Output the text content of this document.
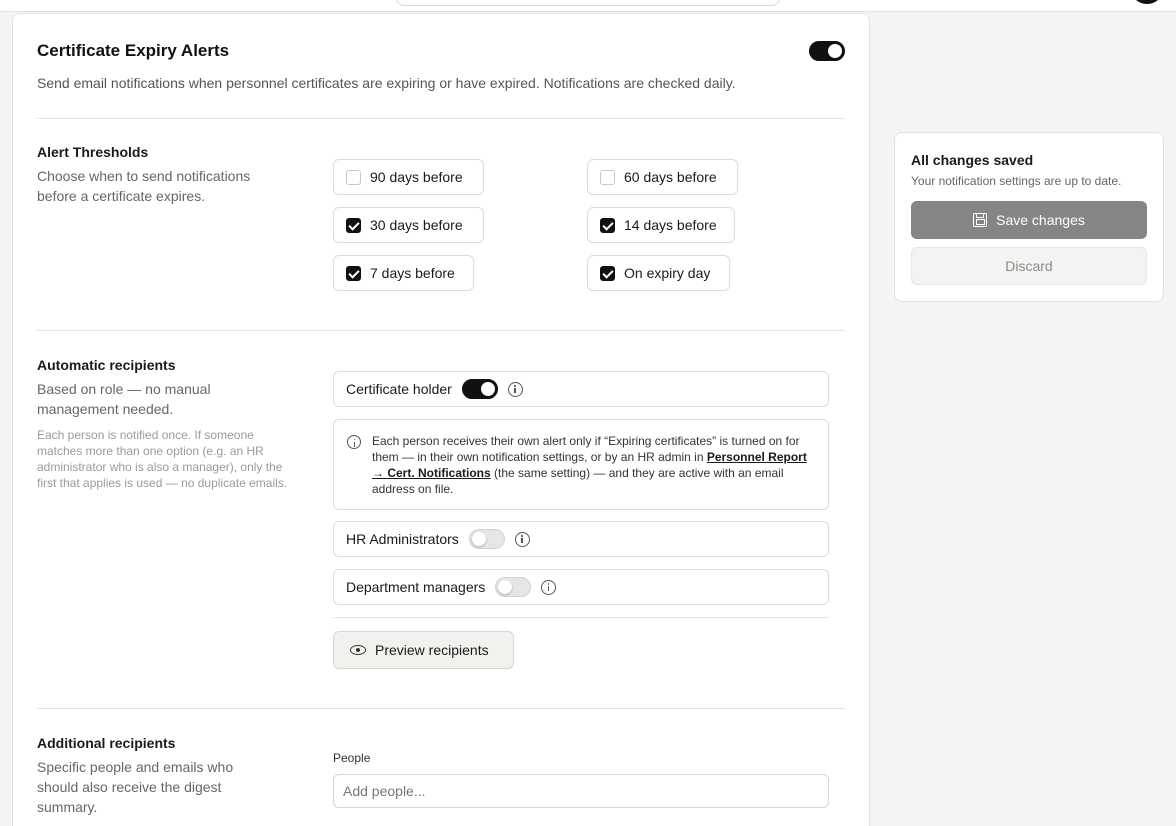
Certificate Expiry Alerts
Send email notifications when personnel certificates are expiring or have expired. Notifications are checked daily.
Alert Thresholds
Choose when to send notifications before a certificate expires.
90 days before	60 days before
30 days before	14 days before
7 days before	On expiry day
Automatic recipients
Based on role — no manual management needed.
Each person is notified once. If someone matches more than one option (e.g. an HR administrator who is also a manager), only the first that applies is used — no duplicate emails.
Certificate holder
Each person receives their own alert only if “Expiring certificates” is turned on for them — in their own notification settings, or by an HR admin in Personnel Report → Cert. Notifications (the same setting) — and they are active with an email address on file.
HR Administrators
Department managers
Preview recipients
Additional recipients
Specific people and emails who should also receive the digest summary.
People
Add people...
All changes saved
Your notification settings are up to date.
Save changes
Discard
